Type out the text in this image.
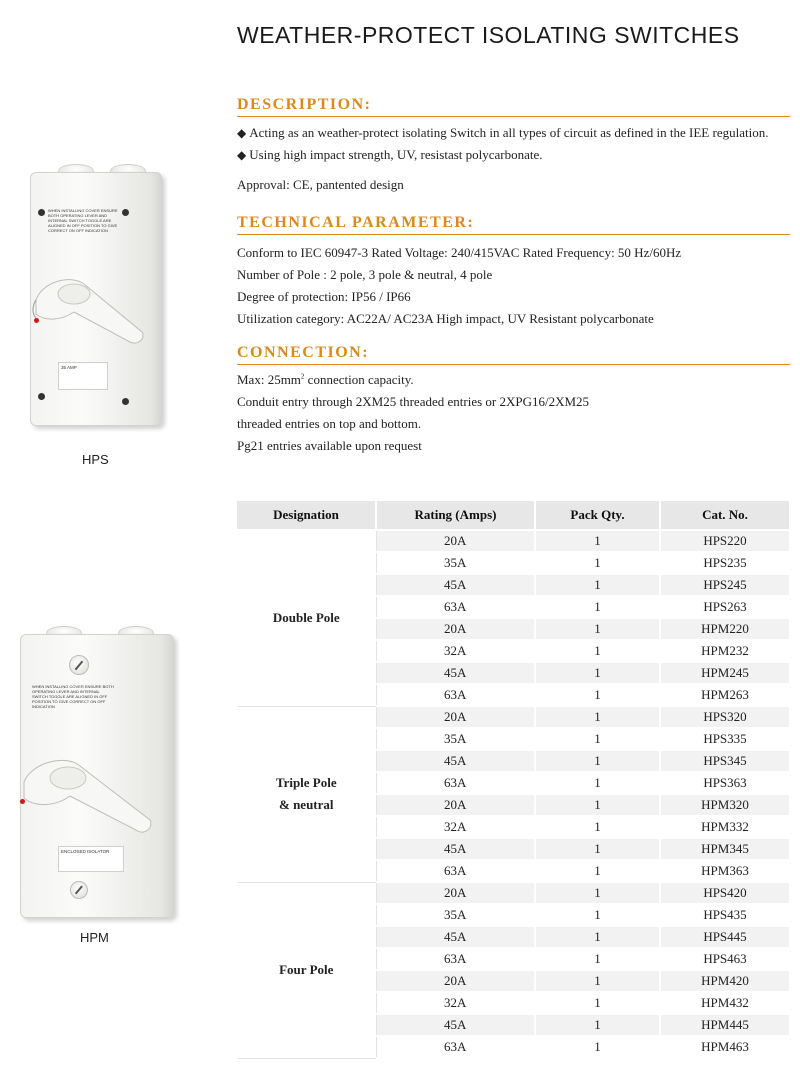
WEATHER-PROTECT ISOLATING SWITCHES
DESCRIPTION:
◆ Acting as an weather-protect isolating Switch in all types of circuit as defined in the IEE regulation.
◆ Using high impact strength, UV, resistast polycarbonate.
Approval: CE, pantented design
TECHNICAL PARAMETER:
Conform to IEC 60947-3 Rated Voltage: 240/415VAC Rated Frequency: 50 Hz/60Hz
Number of Pole : 2 pole, 3 pole & neutral, 4 pole
Degree of protection: IP56 / IP66
Utilization category: AC22A/ AC23A High impact, UV Resistant polycarbonate
CONNECTION:
Max: $25mm^2$ connection capacity.
Conduit entry through 2XM25 threaded entries or 2XPG16/2XM25
threaded entries on top and bottom.
Pg21 entries available upon request
WHEN INSTALLING COVER ENSURE BOTH OPERATING LEVER AND INTERNAL SWITCH TOGGLE ARE ALIGNED IN OFF POSITION TO GIVE CORRECT ON OFF INDICATION
35 AMP
HPS
WHEN INSTALLING COVER ENSURE BOTH OPERATING LEVER AND INTERNAL SWITCH TOGGLE ARE ALIGNED IN OFF POSITION TO GIVE CORRECT ON OFF INDICATION
ENCLOSED ISOLATOR
HPM
Designation	Rating (Amps)	Pack Qty.	Cat. No.

Double Pole	20A	1	HPS220
	35A	1	HPS235
	45A	1	HPS245
	63A	1	HPS263
	20A	1	HPM220
	32A	1	HPM232
	45A	1	HPM245
	63A	1	HPM263

Triple Pole
& neutral	20A	1	HPS320
	35A	1	HPS335
	45A	1	HPS345
	63A	1	HPS363
	20A	1	HPM320
	32A	1	HPM332
	45A	1	HPM345
	63A	1	HPM363

Four Pole	20A	1	HPS420
	35A	1	HPS435
	45A	1	HPS445
	63A	1	HPS463
	20A	1	HPM420
	32A	1	HPM432
	45A	1	HPM445
	63A	1	HPM463
